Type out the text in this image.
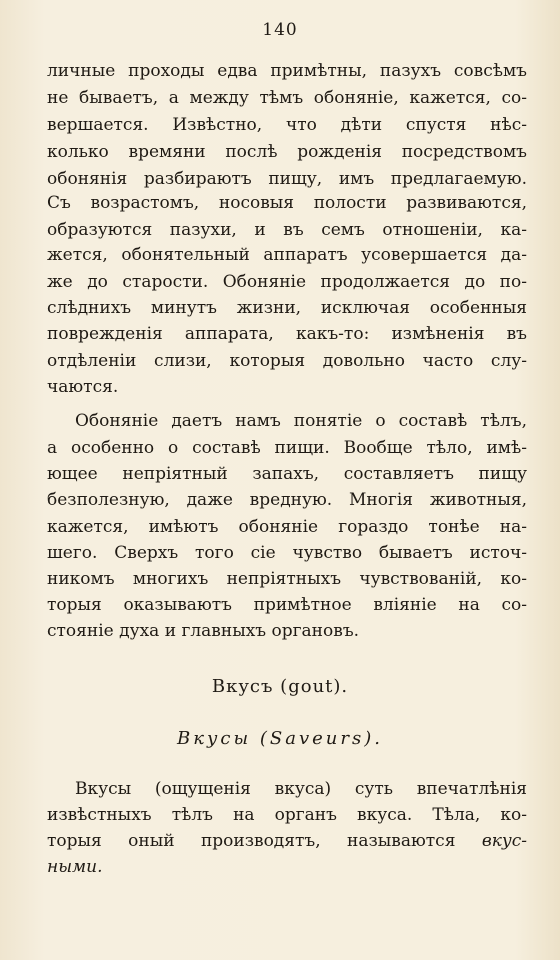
140
личные проходы едва примѣтны, пазухъ совсѣмъ
не бываетъ, а между тѣмъ обоняніе, кажется, со-
вершается. Извѣстно, что дѣти спустя нѣс-
колько времяни послѣ рожденія посредствомъ
обонянія разбираютъ пищу, имъ предлагаемую.
Съ возрастомъ, носовыя полости развиваются,
образуются пазухи, и въ семъ отношеніи, ка-
жется, обонятельный аппаратъ усовершается да-
же до старости. Обоняніе продолжается до по-
слѣднихъ минутъ жизни, исключая особенныя
поврежденія аппарата, какъ-то: измѣненія въ
отдѣленіи слизи, которыя довольно часто слу-
чаются.
Обоняніе даетъ намъ понятіе о составѣ тѣлъ,
а особенно о составѣ пищи. Вообще тѣло, имѣ-
ющее непріятный запахъ, составляетъ пищу
безполезную, даже вредную. Многія животныя,
кажется, имѣютъ обоняніе гораздо тонѣе на-
шего. Сверхъ того сіе чувство бываетъ источ-
никомъ многихъ непріятныхъ чувствованій, ко-
торыя оказываютъ примѣтное вліяніе на со-
стояніе духа и главныхъ органовъ.
Вкусъ (gout).
Вкусы (Saveurs).
Вкусы (ощущенія вкуса) суть впечатлѣнія
извѣстныхъ тѣлъ на органъ вкуса. Тѣла, ко-
торыя оный производятъ, называются вкус-
ными.
